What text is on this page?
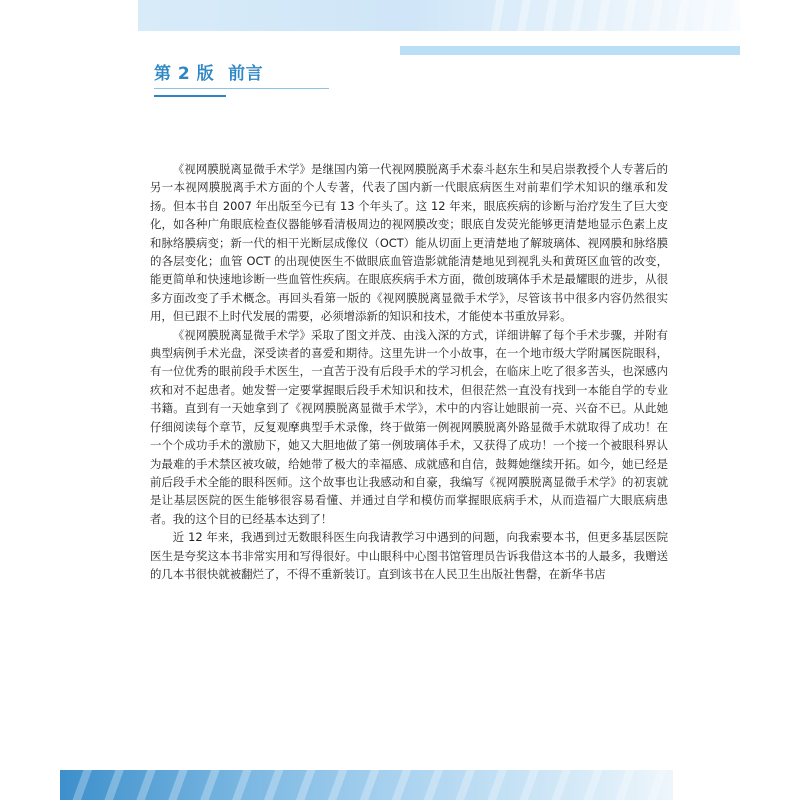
第 2 版 前言

《视网膜脱离显微手术学》是继国内第一代视网膜脱离手术泰斗赵东生和吴启崇教授个人专著后的另一本视网膜脱离手术方面的个人专著，代表了国内新一代眼底病医生对前辈们学术知识的继承和发扬。但本书自 2007 年出版至今已有 13 个年头了。这 12 年来，眼底疾病的诊断与治疗发生了巨大变化，如各种广角眼底检查仪器能够看清极周边的视网膜改变；眼底自发荧光能够更清楚地显示色素上皮和脉络膜病变；新一代的相干光断层成像仪（OCT）能从切面上更清楚地了解玻璃体、视网膜和脉络膜的各层变化；血管 OCT 的出现使医生不做眼底血管造影就能清楚地见到视乳头和黄斑区血管的改变，能更简单和快速地诊断一些血管性疾病。在眼底疾病手术方面，微创玻璃体手术是最耀眼的进步，从很多方面改变了手术概念。再回头看第一版的《视网膜脱离显微手术学》，尽管该书中很多内容仍然很实用，但已跟不上时代发展的需要，必须增添新的知识和技术，才能使本书重放异彩。

《视网膜脱离显微手术学》采取了图文并茂、由浅入深的方式，详细讲解了每个手术步骤，并附有典型病例手术光盘，深受读者的喜爱和期待。这里先讲一个小故事，在一个地市级大学附属医院眼科，有一位优秀的眼前段手术医生，一直苦于没有后段手术的学习机会，在临床上吃了很多苦头，也深感内疚和对不起患者。她发誓一定要掌握眼后段手术知识和技术，但很茫然一直没有找到一本能自学的专业书籍。直到有一天她拿到了《视网膜脱离显微手术学》，术中的内容让她眼前一亮、兴奋不已。从此她仔细阅读每个章节，反复观摩典型手术录像，终于做第一例视网膜脱离外路显微手术就取得了成功！在一个个成功手术的激励下，她又大胆地做了第一例玻璃体手术，又获得了成功！一个接一个被眼科界认为最难的手术禁区被攻破，给她带了极大的幸福感、成就感和自信，鼓舞她继续开拓。如今，她已经是前后段手术全能的眼科医师。这个故事也让我感动和自豪，我编写《视网膜脱离显微手术学》的初衷就是让基层医院的医生能够很容易看懂、并通过自学和模仿而掌握眼底病手术，从而造福广大眼底病患者。我的这个目的已经基本达到了！

近 12 年来，我遇到过无数眼科医生向我请教学习中遇到的问题，向我索要本书，但更多基层医院医生是夸奖这本书非常实用和写得很好。中山眼科中心图书馆管理员告诉我借这本书的人最多，我赠送的几本书很快就被翻烂了，不得不重新装订。直到该书在人民卫生出版社售罄，在新华书店
